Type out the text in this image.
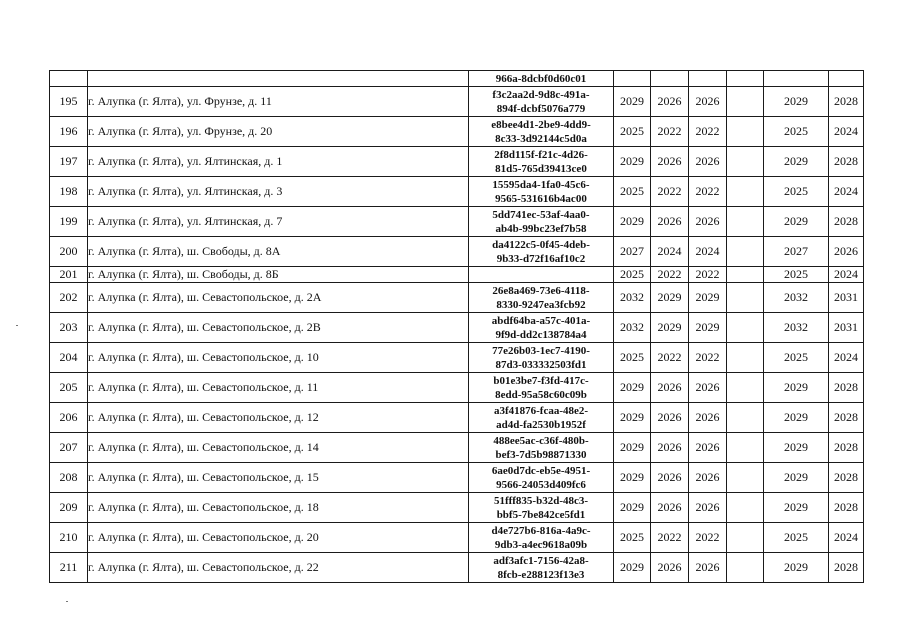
		966a-8dcbf0d60c01						

195	г. Алупка (г. Ялта), ул. Фрунзе, д. 11	f3c2aa2d-9d8c-491a-
894f-dcbf5076a779	2029	2026	2026		2029	2028
196	г. Алупка (г. Ялта), ул. Фрунзе, д. 20	e8bee4d1-2be9-4dd9-
8c33-3d92144c5d0a	2025	2022	2022		2025	2024
197	г. Алупка (г. Ялта), ул. Ялтинская, д. 1	2f8d115f-f21c-4d26-
81d5-765d39413ce0	2029	2026	2026		2029	2028
198	г. Алупка (г. Ялта), ул. Ялтинская, д. 3	15595da4-1fa0-45c6-
9565-531616b4ac00	2025	2022	2022		2025	2024
199	г. Алупка (г. Ялта), ул. Ялтинская, д. 7	5dd741ec-53af-4aa0-
ab4b-99bc23ef7b58	2029	2026	2026		2029	2028
200	г. Алупка (г. Ялта), ш. Свободы, д. 8А	da4122c5-0f45-4deb-
9b33-d72f16af10c2	2027	2024	2024		2027	2026
201	г. Алупка (г. Ялта), ш. Свободы, д. 8Б		2025	2022	2022		2025	2024
202	г. Алупка (г. Ялта), ш. Севастопольское, д. 2А	26e8a469-73e6-4118-
8330-9247ea3fcb92	2032	2029	2029		2032	2031
203	г. Алупка (г. Ялта), ш. Севастопольское, д. 2В	abdf64ba-a57c-401a-
9f9d-dd2c138784a4	2032	2029	2029		2032	2031
204	г. Алупка (г. Ялта), ш. Севастопольское, д. 10	77e26b03-1ec7-4190-
87d3-033332503fd1	2025	2022	2022		2025	2024
205	г. Алупка (г. Ялта), ш. Севастопольское, д. 11	b01e3be7-f3fd-417c-
8edd-95a58c60c09b	2029	2026	2026		2029	2028
206	г. Алупка (г. Ялта), ш. Севастопольское, д. 12	a3f41876-fcaa-48e2-
ad4d-fa2530b1952f	2029	2026	2026		2029	2028
207	г. Алупка (г. Ялта), ш. Севастопольское, д. 14	488ee5ac-c36f-480b-
bef3-7d5b98871330	2029	2026	2026		2029	2028
208	г. Алупка (г. Ялта), ш. Севастопольское, д. 15	6ae0d7dc-eb5e-4951-
9566-24053d409fc6	2029	2026	2026		2029	2028
209	г. Алупка (г. Ялта), ш. Севастопольское, д. 18	51fff835-b32d-48c3-
bbf5-7be842ce5fd1	2029	2026	2026		2029	2028
210	г. Алупка (г. Ялта), ш. Севастопольское, д. 20	d4e727b6-816a-4a9c-
9db3-a4ec9618a09b	2025	2022	2022		2025	2024
211	г. Алупка (г. Ялта), ш. Севастопольское, д. 22	adf3afc1-7156-42a8-
8fcb-e288123f13e3	2029	2026	2026		2029	2028
